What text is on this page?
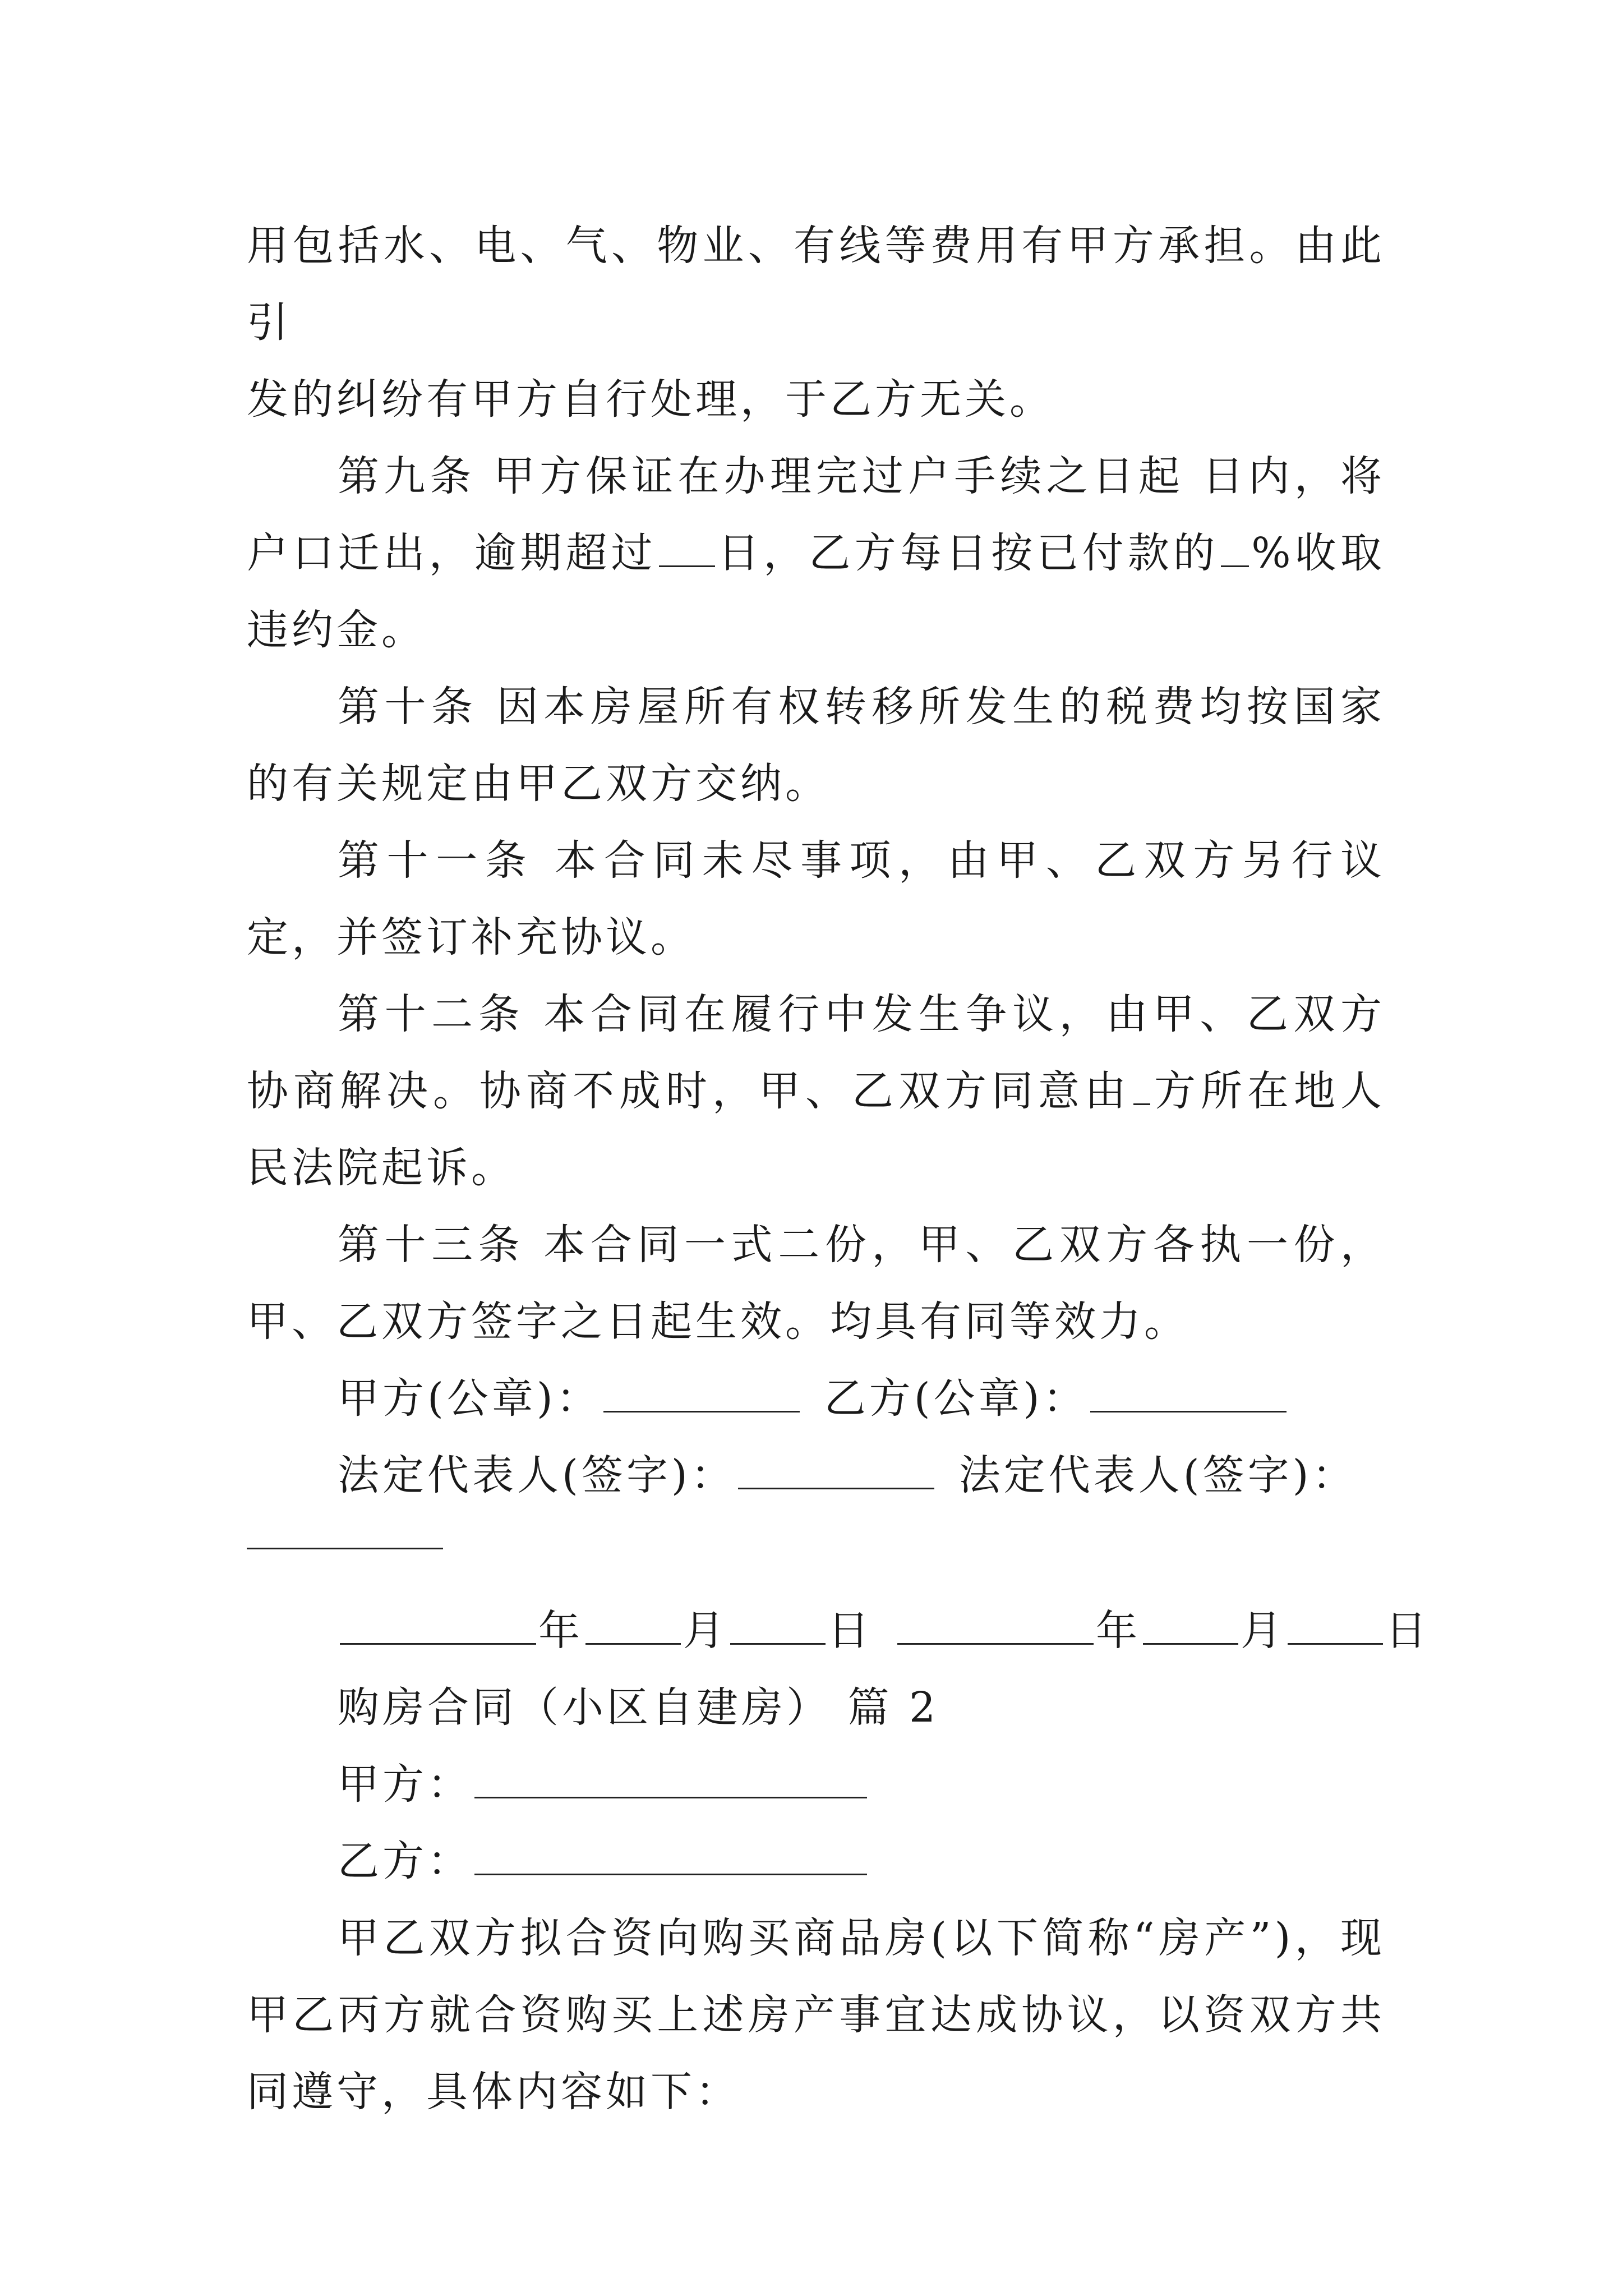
用包括水、电、气、物业、有线等费用有甲方承担。由此引
发的纠纷有甲方自行处理，于乙方无关。

第九条 甲方保证在办理完过户手续之日起 日内，将户口迁出，逾期超过 日，乙方每日按已付款的 %收取违约金。

第十条 因本房屋所有权转移所发生的税费均按国家的有关规定由甲乙双方交纳。

第十一条 本合同未尽事项，由甲、乙双方另行议定，并签订补充协议。

第十二条 本合同在履行中发生争议，由甲、乙双方协商解决。协商不成时，甲、乙双方同意由 方所在地人民法院起诉。

第十三条 本合同一式二份，甲、乙双方各执一份，甲、乙双方签字之日起生效。均具有同等效力。

甲方(公章)：	乙方(公章)：

法定代表人(签字)：	法定代表人(签字)：

年 月 日	年 月 日

购房合同（小区自建房） 篇 2

甲方：

乙方：

甲乙双方拟合资向购买商品房(以下简称“房产”)，现甲乙丙方就合资购买上述房产事宜达成协议，以资双方共同遵守，具体内容如下：
